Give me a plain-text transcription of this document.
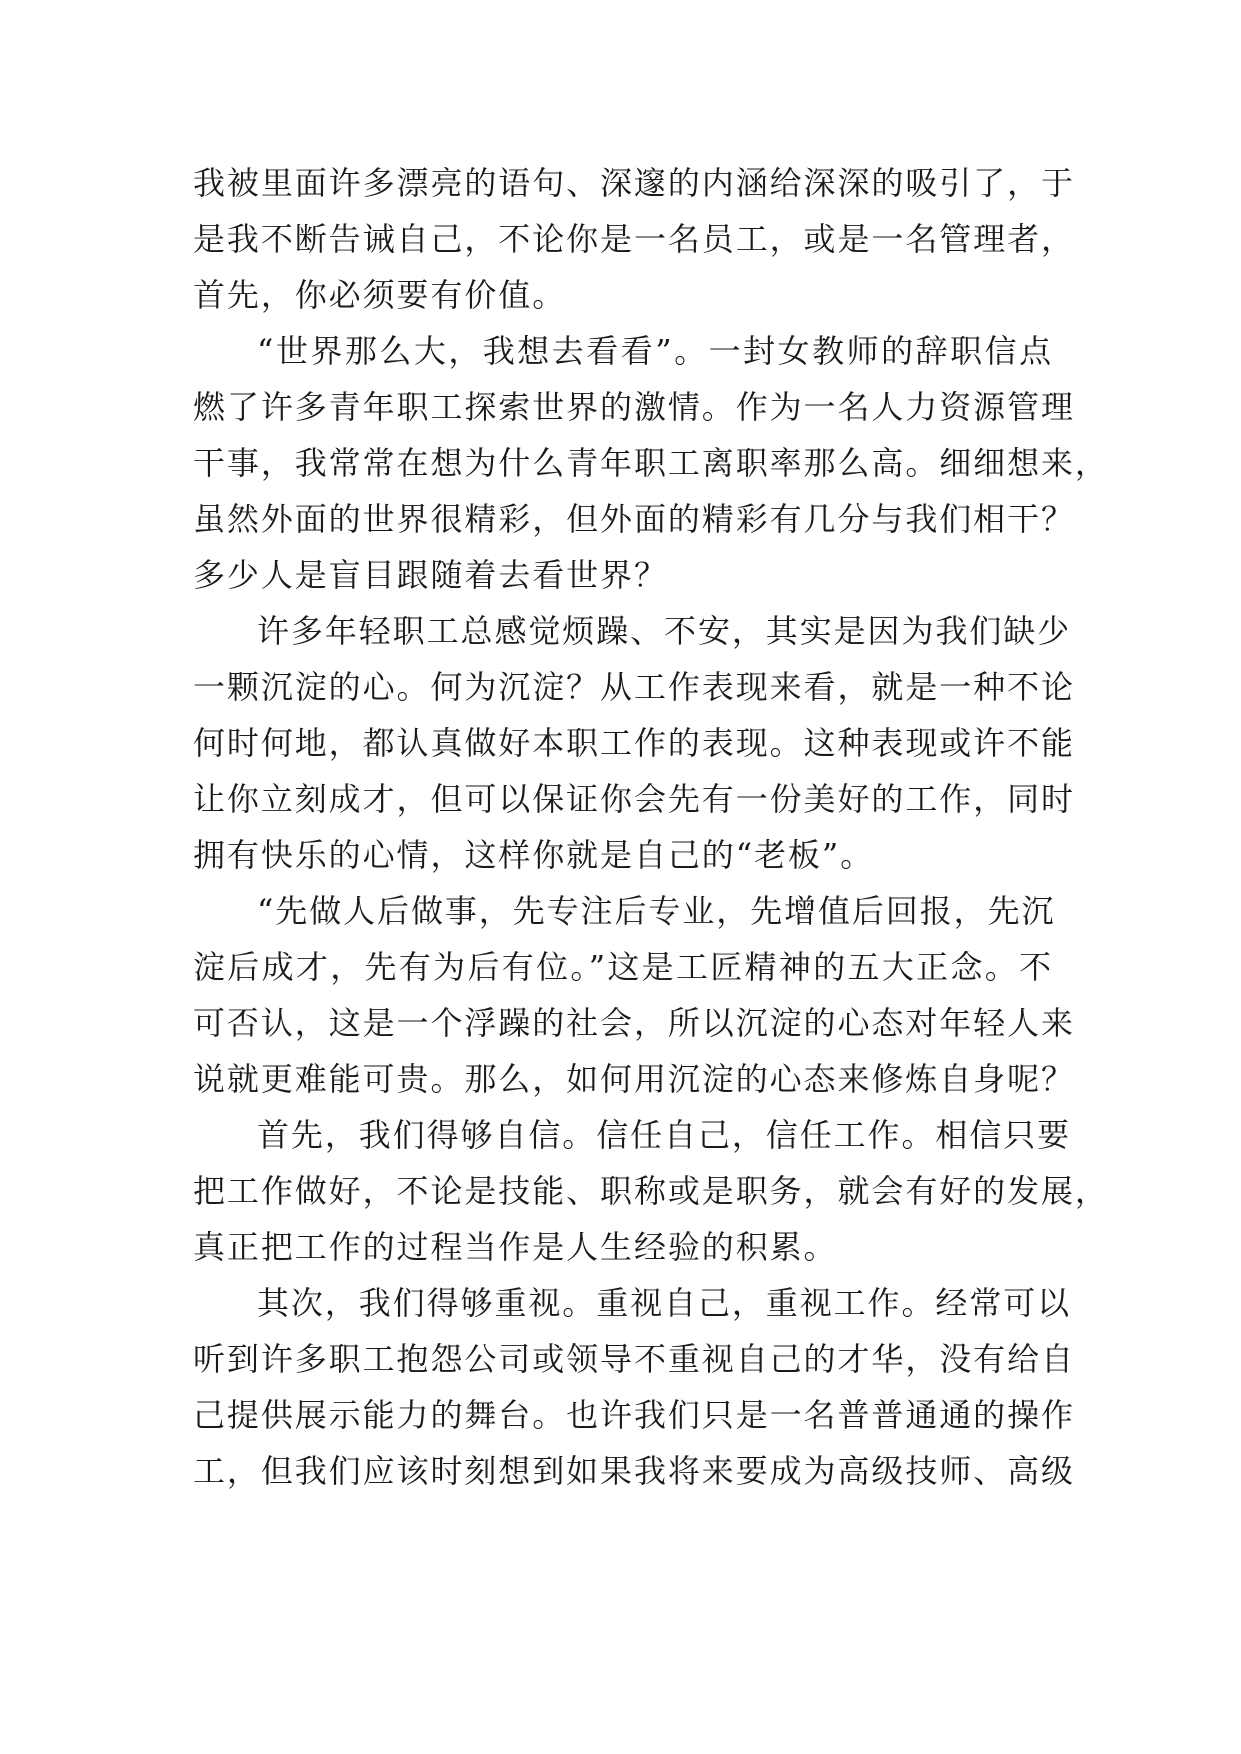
我被里面许多漂亮的语句、深邃的内涵给深深的吸引了，于
是我不断告诫自己，不论你是一名员工，或是一名管理者，
首先，你必须要有价值。
“世界那么大，我想去看看”。一封女教师的辞职信点
燃了许多青年职工探索世界的激情。作为一名人力资源管理
干事，我常常在想为什么青年职工离职率那么高。细细想来，
虽然外面的世界很精彩，但外面的精彩有几分与我们相干？
多少人是盲目跟随着去看世界？
许多年轻职工总感觉烦躁、不安，其实是因为我们缺少
一颗沉淀的心。何为沉淀？从工作表现来看，就是一种不论
何时何地，都认真做好本职工作的表现。这种表现或许不能
让你立刻成才，但可以保证你会先有一份美好的工作，同时
拥有快乐的心情，这样你就是自己的“老板”。
“先做人后做事，先专注后专业，先增值后回报，先沉
淀后成才，先有为后有位。”这是工匠精神的五大正念。不
可否认，这是一个浮躁的社会，所以沉淀的心态对年轻人来
说就更难能可贵。那么，如何用沉淀的心态来修炼自身呢？
首先，我们得够自信。信任自己，信任工作。相信只要
把工作做好，不论是技能、职称或是职务，就会有好的发展，
真正把工作的过程当作是人生经验的积累。
其次，我们得够重视。重视自己，重视工作。经常可以
听到许多职工抱怨公司或领导不重视自己的才华，没有给自
己提供展示能力的舞台。也许我们只是一名普普通通的操作
工，但我们应该时刻想到如果我将来要成为高级技师、高级
